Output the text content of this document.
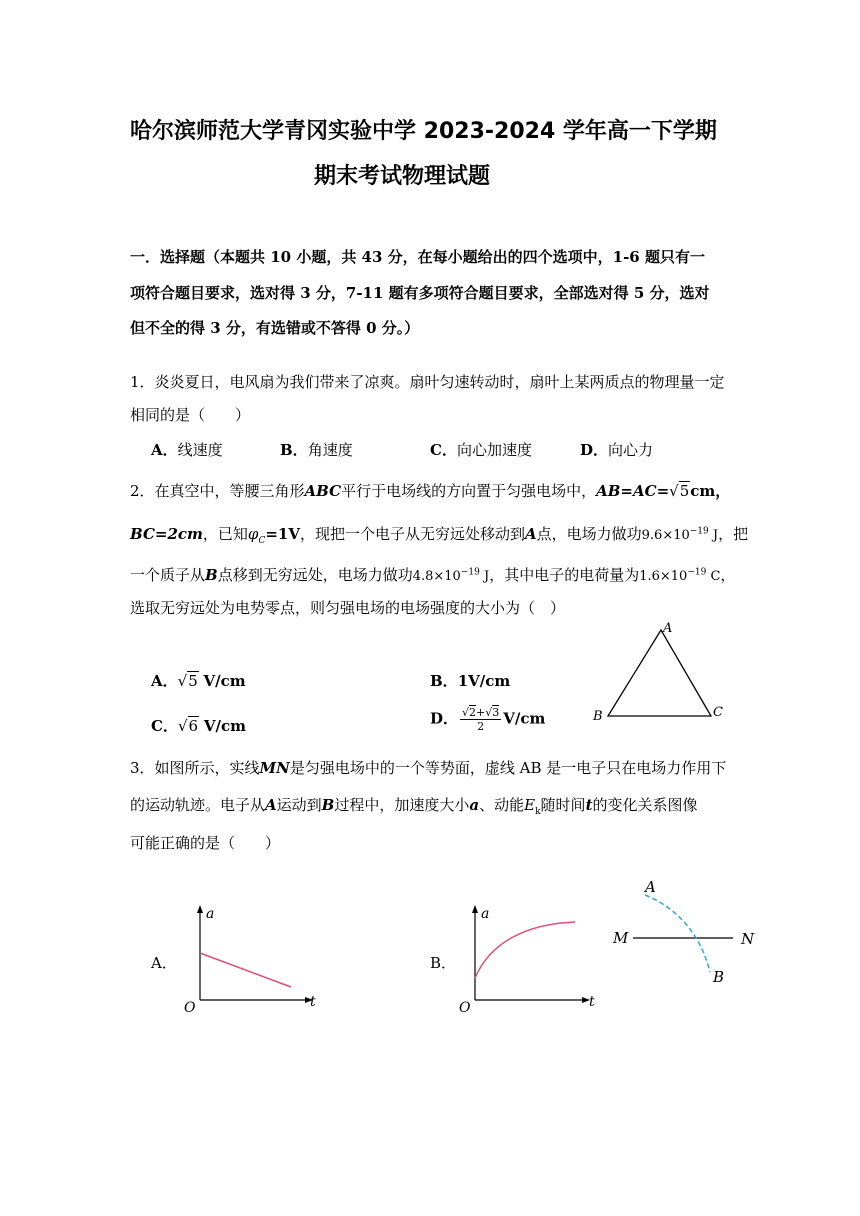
哈尔滨师范大学青冈实验中学 2023-2024 学年高一下学期
期末考试物理试题
一．选择题（本题共 10 小题，共 43 分，在每小题给出的四个选项中，1-6 题只有一
项符合题目要求，选对得 3 分，7-11 题有多项符合题目要求，全部选对得 5 分，选对
但不全的得 3 分，有选错或不答得 0 分。）
1．炎炎夏日，电风扇为我们带来了凉爽。扇叶匀速转动时，扇叶上某两质点的物理量一定
相同的是（　　）
A．线速度	B．角速度	C．向心加速度	D．向心力
2．在真空中，等腰三角形ABC平行于电场线的方向置于匀强电场中，AB=AC=√5cm，
BC=2cm，已知$\varphi_C=1V$，现把一个电子从无穷远处移动到A点，电场力做功$9.6\times 10^{-19}$ J，把
一个质子从B点移到无穷远处，电场力做功$4.8\times 10^{-19}$ J，其中电子的电荷量为$1.6\times 10^{-19}$ C，
选取无穷远处为电势零点，则匀强电场的电场强度的大小为（　）
A．√5 V/cm	B．1V/cm
C．√6 V/cm	D． $\frac{√2+√3}{2} V/cm$
A
B	C
3．如图所示，实线MN是匀强电场中的一个等势面，虚线 AB 是一电子只在电场力作用下
的运动轨迹。电子从A运动到B过程中，加速度大小a、动能$E_k$随时间t的变化关系图像
可能正确的是（　　）
A．
a
O	t
B．
a
O	t
A
B
M	N
